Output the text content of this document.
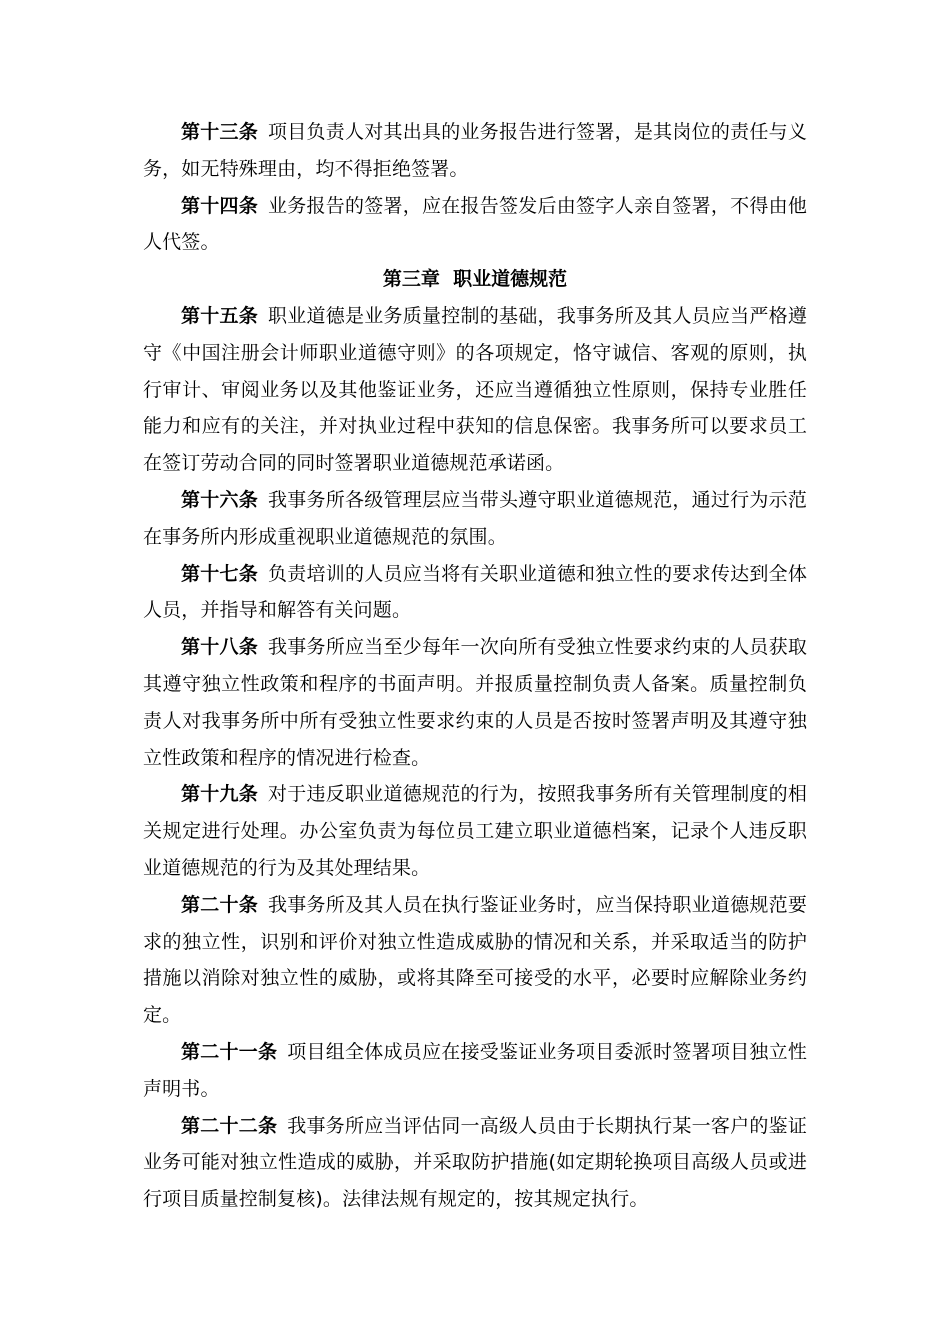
第十三条 项目负责人对其出具的业务报告进行签署，是其岗位的责任与义务，如无特殊理由，均不得拒绝签署。

第十四条 业务报告的签署，应在报告签发后由签字人亲自签署，不得由他人代签。

第三章  职业道德规范

第十五条 职业道德是业务质量控制的基础，我事务所及其人员应当严格遵守《中国注册会计师职业道德守则》的各项规定，恪守诚信、客观的原则，执行审计、审阅业务以及其他鉴证业务，还应当遵循独立性原则，保持专业胜任能力和应有的关注，并对执业过程中获知的信息保密。我事务所可以要求员工在签订劳动合同的同时签署职业道德规范承诺函。

第十六条 我事务所各级管理层应当带头遵守职业道德规范，通过行为示范在事务所内形成重视职业道德规范的氛围。

第十七条 负责培训的人员应当将有关职业道德和独立性的要求传达到全体人员，并指导和解答有关问题。

第十八条 我事务所应当至少每年一次向所有受独立性要求约束的人员获取其遵守独立性政策和程序的书面声明。并报质量控制负责人备案。质量控制负责人对我事务所中所有受独立性要求约束的人员是否按时签署声明及其遵守独立性政策和程序的情况进行检查。

第十九条 对于违反职业道德规范的行为，按照我事务所有关管理制度的相关规定进行处理。办公室负责为每位员工建立职业道德档案，记录个人违反职业道德规范的行为及其处理结果。

第二十条 我事务所及其人员在执行鉴证业务时，应当保持职业道德规范要求的独立性，识别和评价对独立性造成威胁的情况和关系，并采取适当的防护措施以消除对独立性的威胁，或将其降至可接受的水平，必要时应解除业务约定。

第二十一条 项目组全体成员应在接受鉴证业务项目委派时签署项目独立性声明书。

第二十二条 我事务所应当评估同一高级人员由于长期执行某一客户的鉴证业务可能对独立性造成的威胁，并采取防护措施(如定期轮换项目高级人员或进行项目质量控制复核)。法律法规有规定的，按其规定执行。
